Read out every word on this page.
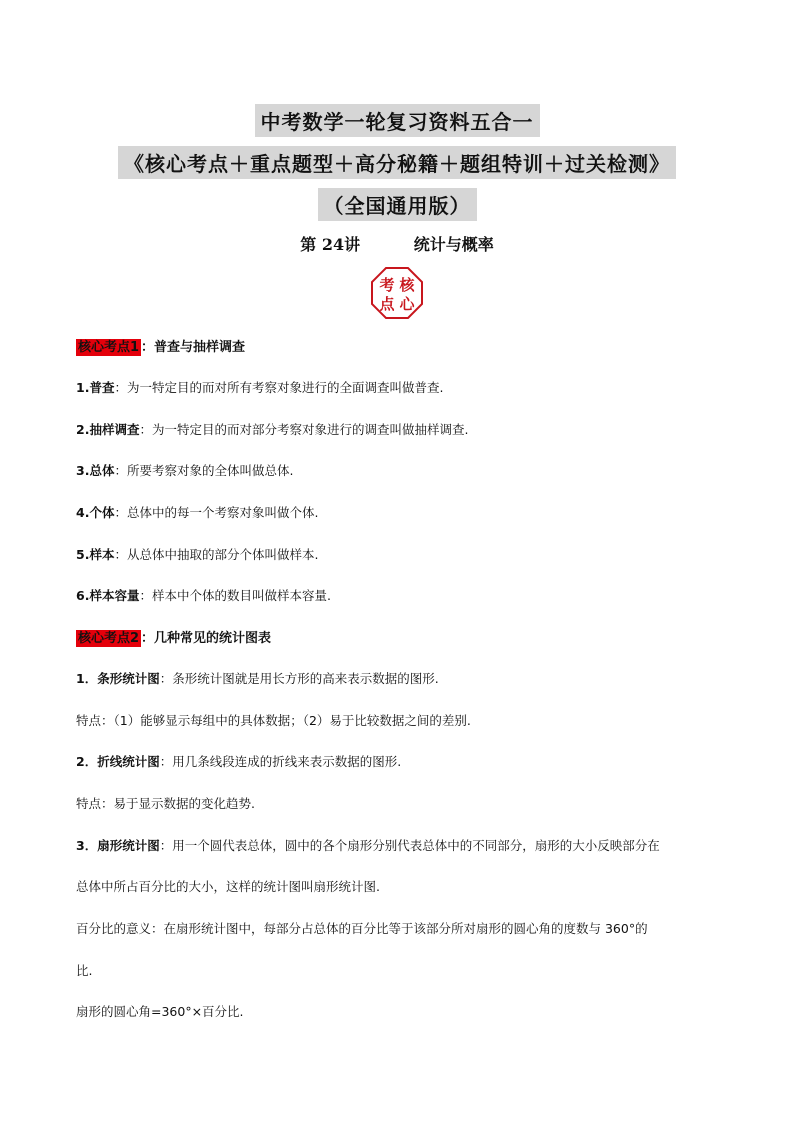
中考数学一轮复习资料五合一
《核心考点＋重点题型＋高分秘籍＋题组特训＋过关检测》
（全国通用版）
第 24讲	统计与概率
考 核
点 心
核心考点1 ：普查与抽样调查
1.普查：为一特定目的而对所有考察对象进行的全面调查叫做普查.
2.抽样调查：为一特定目的而对部分考察对象进行的调查叫做抽样调查.
3.总体：所要考察对象的全体叫做总体.
4.个体：总体中的每一个考察对象叫做个体.
5.样本：从总体中抽取的部分个体叫做样本.
6.样本容量：样本中个体的数目叫做样本容量.
核心考点2 ：几种常见的统计图表
1．条形统计图：条形统计图就是用长方形的高来表示数据的图形.
特点：（1）能够显示每组中的具体数据；（2）易于比较数据之间的差别.
2．折线统计图：用几条线段连成的折线来表示数据的图形.
特点：易于显示数据的变化趋势.
3．扇形统计图：用一个圆代表总体，圆中的各个扇形分别代表总体中的不同部分，扇形的大小反映部分在
总体中所占百分比的大小，这样的统计图叫扇形统计图.
百分比的意义：在扇形统计图中，每部分占总体的百分比等于该部分所对扇形的圆心角的度数与 360°的
比.
扇形的圆心角=360°×百分比.
